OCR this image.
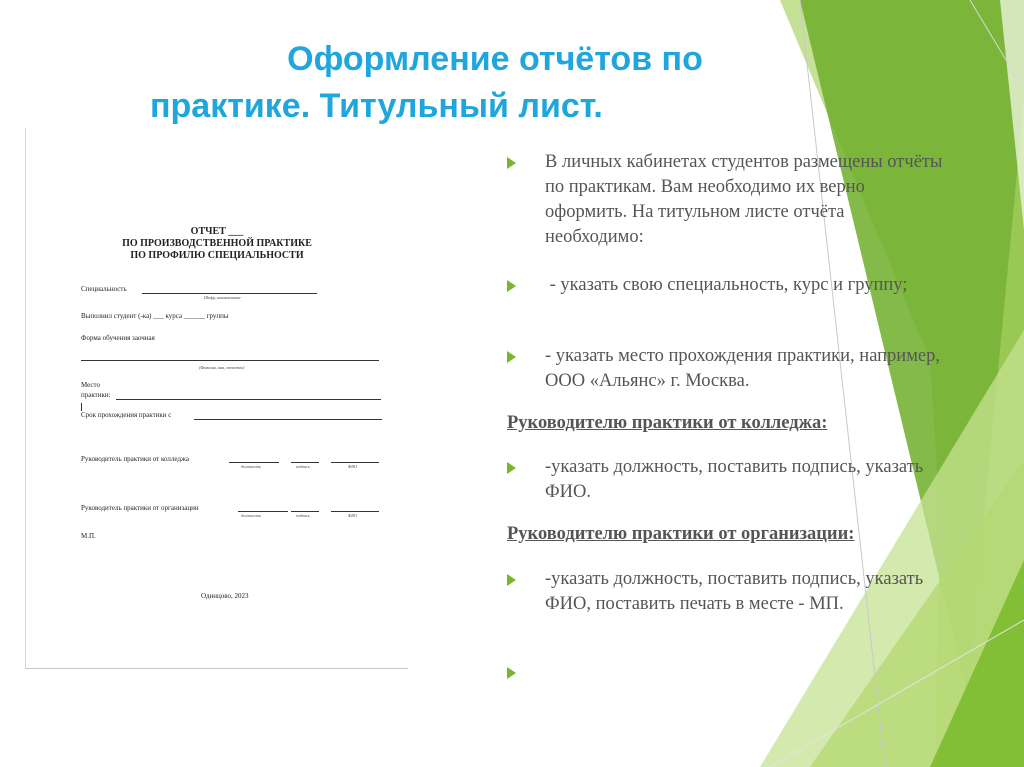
Оформление отчётов по
практике. Титульный лист.
ОТЧЕТ ___
ПО ПРОИЗВОДСТВЕННОЙ ПРАКТИКЕ
ПО ПРОФИЛЮ СПЕЦИАЛЬНОСТИ
Специальность
Шифр, наименование
Выполнил студент (-ка) ___ курса ______ группы
Форма обучения заочная
(Фамилия, имя, отчество)
Место
практики:
Срок прохождения практики с
Руководитель практики от колледжа
должность	подпись	ФИО
Руководитель практики от организации
должность	подпись	ФИО
М.П.
Одинцово, 2023
В личных кабинетах студентов размещены отчёты по практикам. Вам необходимо их верно оформить. На титульном листе отчёта необходимо:
- указать свою специальность, курс и группу;
- указать место прохождения практики, например, ООО «Альянс» г. Москва.
Руководителю практики от колледжа:
-указать должность, поставить подпись, указать ФИО.
Руководителю практики от организации:
-указать должность, поставить подпись, указать ФИО, поставить печать в месте - МП.
